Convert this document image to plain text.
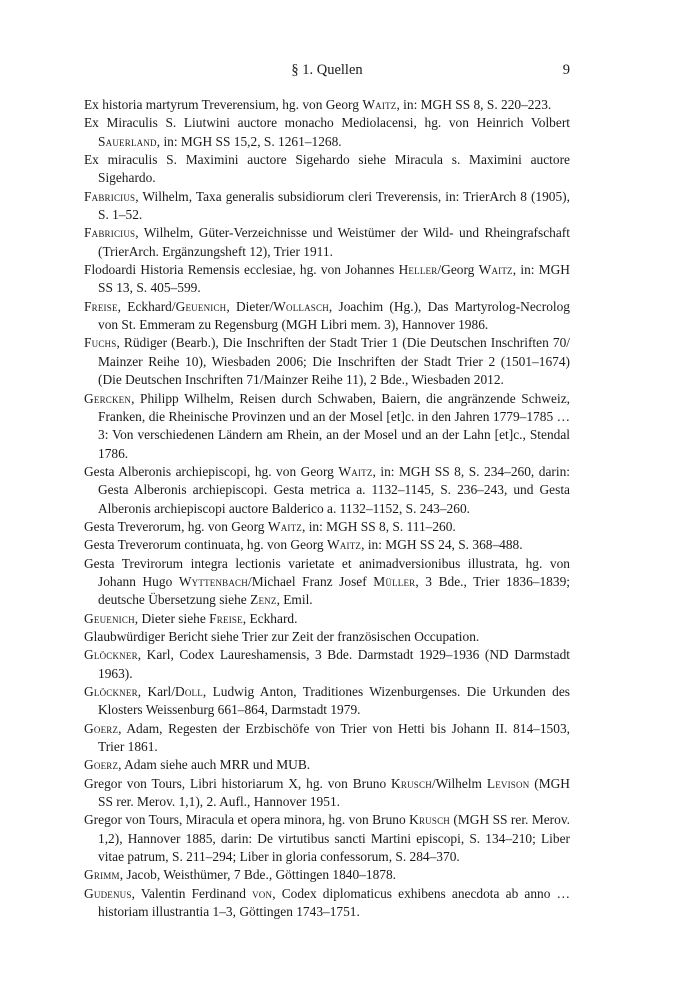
§ 1. Quellen	9

Ex historia martyrum Treverensium, hg. von Georg Waitz, in: MGH SS 8, S. 220–223.

Ex Miraculis S. Liutwini auctore monacho Mediolacensi, hg. von Heinrich Volbert Sauerland, in: MGH SS 15,2, S. 1261–1268.

Ex miraculis S. Maximini auctore Sigehardo siehe Miracula s. Maximini auctore Sigehardo.

Fabricius, Wilhelm, Taxa generalis subsidiorum cleri Treverensis, in: TrierArch 8 (1905), S. 1–52.

Fabricius, Wilhelm, Güter-Verzeichnisse und Weistümer der Wild- und Rheingrafschaft (TrierArch. Ergänzungsheft 12), Trier 1911.

Flodoardi Historia Remensis ecclesiae, hg. von Johannes Heller/Georg Waitz, in: MGH SS 13, S. 405–599.

Freise, Eckhard/Geuenich, Dieter/Wollasch, Joachim (Hg.), Das Martyrolog-Necrolog von St. Emmeram zu Regensburg (MGH Libri mem. 3), Hannover 1986.

Fuchs, Rüdiger (Bearb.), Die Inschriften der Stadt Trier 1 (Die Deutschen Inschriften 70/ Mainzer Reihe 10), Wiesbaden 2006; Die Inschriften der Stadt Trier 2 (1501–1674) (Die Deutschen Inschriften 71/Mainzer Reihe 11), 2 Bde., Wiesbaden 2012.

Gercken, Philipp Wilhelm, Reisen durch Schwaben, Baiern, die angränzende Schweiz, Franken, die Rheinische Provinzen und an der Mosel [et]c. in den Jahren 1779–1785 … 3: Von verschiedenen Ländern am Rhein, an der Mosel und an der Lahn [et]c., Stendal 1786.

Gesta Alberonis archiepiscopi, hg. von Georg Waitz, in: MGH SS 8, S. 234–260, darin: Gesta Alberonis archiepiscopi. Gesta metrica a. 1132–1145, S. 236–243, und Gesta Alberonis archiepiscopi auctore Balderico a. 1132–1152, S. 243–260.

Gesta Treverorum, hg. von Georg Waitz, in: MGH SS 8, S. 111–260.

Gesta Treverorum continuata, hg. von Georg Waitz, in: MGH SS 24, S. 368–488.

Gesta Trevirorum integra lectionis varietate et animadversionibus illustrata, hg. von Johann Hugo Wyttenbach/Michael Franz Josef Müller, 3 Bde., Trier 1836–1839; deutsche Übersetzung siehe Zenz, Emil.

Geuenich, Dieter siehe Freise, Eckhard.

Glaubwürdiger Bericht siehe Trier zur Zeit der französischen Occupation.

Glöckner, Karl, Codex Laureshamensis, 3 Bde. Darmstadt 1929–1936 (ND Darmstadt 1963).

Glöckner, Karl/Doll, Ludwig Anton, Traditiones Wizenburgenses. Die Urkunden des Klosters Weissenburg 661–864, Darmstadt 1979.

Goerz, Adam, Regesten der Erzbischöfe von Trier von Hetti bis Johann II. 814–1503, Trier 1861.

Goerz, Adam siehe auch MRR und MUB.

Gregor von Tours, Libri historiarum X, hg. von Bruno Krusch/Wilhelm Levison (MGH SS rer. Merov. 1,1), 2. Aufl., Hannover 1951.

Gregor von Tours, Miracula et opera minora, hg. von Bruno Krusch (MGH SS rer. Merov. 1,2), Hannover 1885, darin: De virtutibus sancti Martini episcopi, S. 134–210; Liber vitae patrum, S. 211–294; Liber in gloria confessorum, S. 284–370.

Grimm, Jacob, Weisthümer, 7 Bde., Göttingen 1840–1878.

Gudenus, Valentin Ferdinand von, Codex diplomaticus exhibens anecdota ab anno … historiam illustrantia 1–3, Göttingen 1743–1751.
